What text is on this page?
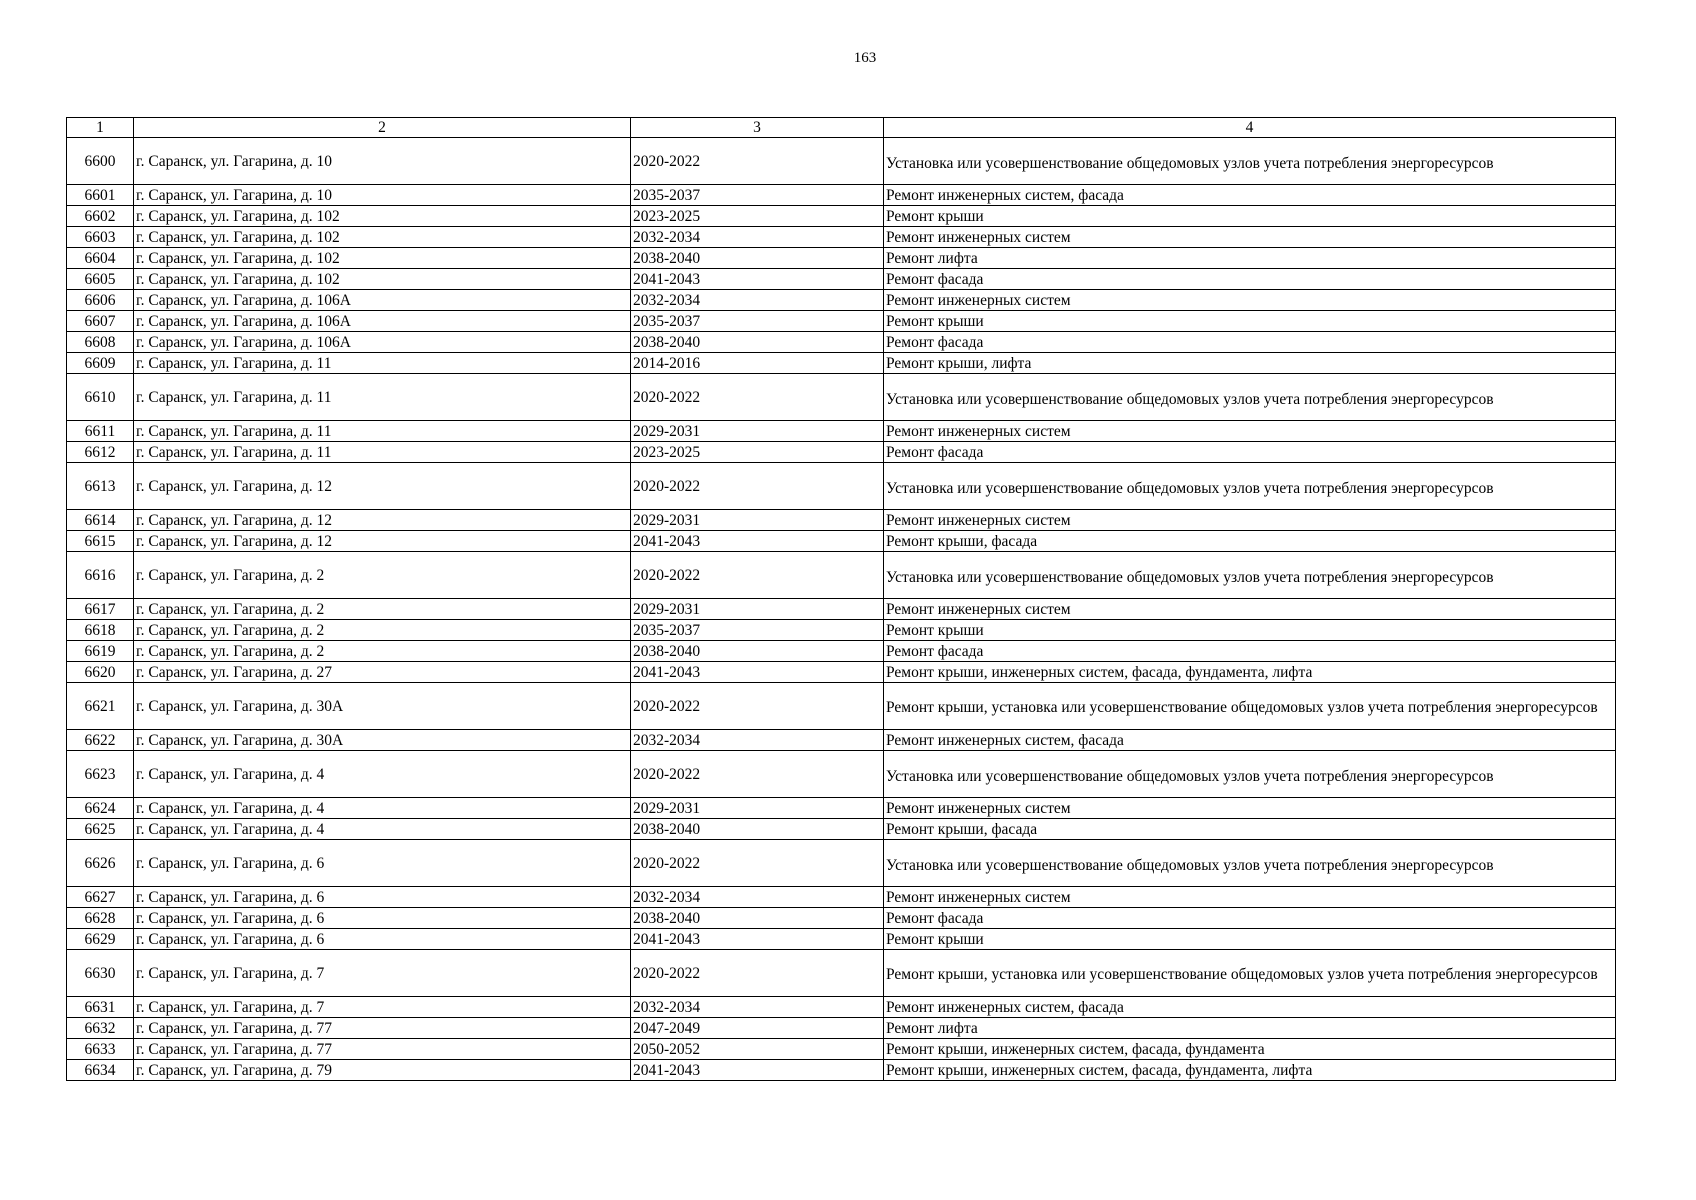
163
1	2	3	4
6600	г. Саранск, ул. Гагарина, д. 10	2020-2022	Установка или усовершенствование общедомовых узлов учета потребления энергоресурсов
6601	г. Саранск, ул. Гагарина, д. 10	2035-2037	Ремонт инженерных систем, фасада
6602	г. Саранск, ул. Гагарина, д. 102	2023-2025	Ремонт крыши
6603	г. Саранск, ул. Гагарина, д. 102	2032-2034	Ремонт инженерных систем
6604	г. Саранск, ул. Гагарина, д. 102	2038-2040	Ремонт лифта
6605	г. Саранск, ул. Гагарина, д. 102	2041-2043	Ремонт фасада
6606	г. Саранск, ул. Гагарина, д. 106А	2032-2034	Ремонт инженерных систем
6607	г. Саранск, ул. Гагарина, д. 106А	2035-2037	Ремонт крыши
6608	г. Саранск, ул. Гагарина, д. 106А	2038-2040	Ремонт фасада
6609	г. Саранск, ул. Гагарина, д. 11	2014-2016	Ремонт крыши, лифта
6610	г. Саранск, ул. Гагарина, д. 11	2020-2022	Установка или усовершенствование общедомовых узлов учета потребления энергоресурсов
6611	г. Саранск, ул. Гагарина, д. 11	2029-2031	Ремонт инженерных систем
6612	г. Саранск, ул. Гагарина, д. 11	2023-2025	Ремонт фасада
6613	г. Саранск, ул. Гагарина, д. 12	2020-2022	Установка или усовершенствование общедомовых узлов учета потребления энергоресурсов
6614	г. Саранск, ул. Гагарина, д. 12	2029-2031	Ремонт инженерных систем
6615	г. Саранск, ул. Гагарина, д. 12	2041-2043	Ремонт крыши, фасада
6616	г. Саранск, ул. Гагарина, д. 2	2020-2022	Установка или усовершенствование общедомовых узлов учета потребления энергоресурсов
6617	г. Саранск, ул. Гагарина, д. 2	2029-2031	Ремонт инженерных систем
6618	г. Саранск, ул. Гагарина, д. 2	2035-2037	Ремонт крыши
6619	г. Саранск, ул. Гагарина, д. 2	2038-2040	Ремонт фасада
6620	г. Саранск, ул. Гагарина, д. 27	2041-2043	Ремонт крыши, инженерных систем, фасада, фундамента, лифта
6621	г. Саранск, ул. Гагарина, д. 30А	2020-2022	Ремонт крыши, установка или усовершенствование общедомовых узлов учета потребления энергоресурсов
6622	г. Саранск, ул. Гагарина, д. 30А	2032-2034	Ремонт инженерных систем, фасада
6623	г. Саранск, ул. Гагарина, д. 4	2020-2022	Установка или усовершенствование общедомовых узлов учета потребления энергоресурсов
6624	г. Саранск, ул. Гагарина, д. 4	2029-2031	Ремонт инженерных систем
6625	г. Саранск, ул. Гагарина, д. 4	2038-2040	Ремонт крыши, фасада
6626	г. Саранск, ул. Гагарина, д. 6	2020-2022	Установка или усовершенствование общедомовых узлов учета потребления энергоресурсов
6627	г. Саранск, ул. Гагарина, д. 6	2032-2034	Ремонт инженерных систем
6628	г. Саранск, ул. Гагарина, д. 6	2038-2040	Ремонт фасада
6629	г. Саранск, ул. Гагарина, д. 6	2041-2043	Ремонт крыши
6630	г. Саранск, ул. Гагарина, д. 7	2020-2022	Ремонт крыши, установка или усовершенствование общедомовых узлов учета потребления энергоресурсов
6631	г. Саранск, ул. Гагарина, д. 7	2032-2034	Ремонт инженерных систем, фасада
6632	г. Саранск, ул. Гагарина, д. 77	2047-2049	Ремонт лифта
6633	г. Саранск, ул. Гагарина, д. 77	2050-2052	Ремонт крыши, инженерных систем, фасада, фундамента
6634	г. Саранск, ул. Гагарина, д. 79	2041-2043	Ремонт крыши, инженерных систем, фасада, фундамента, лифта
